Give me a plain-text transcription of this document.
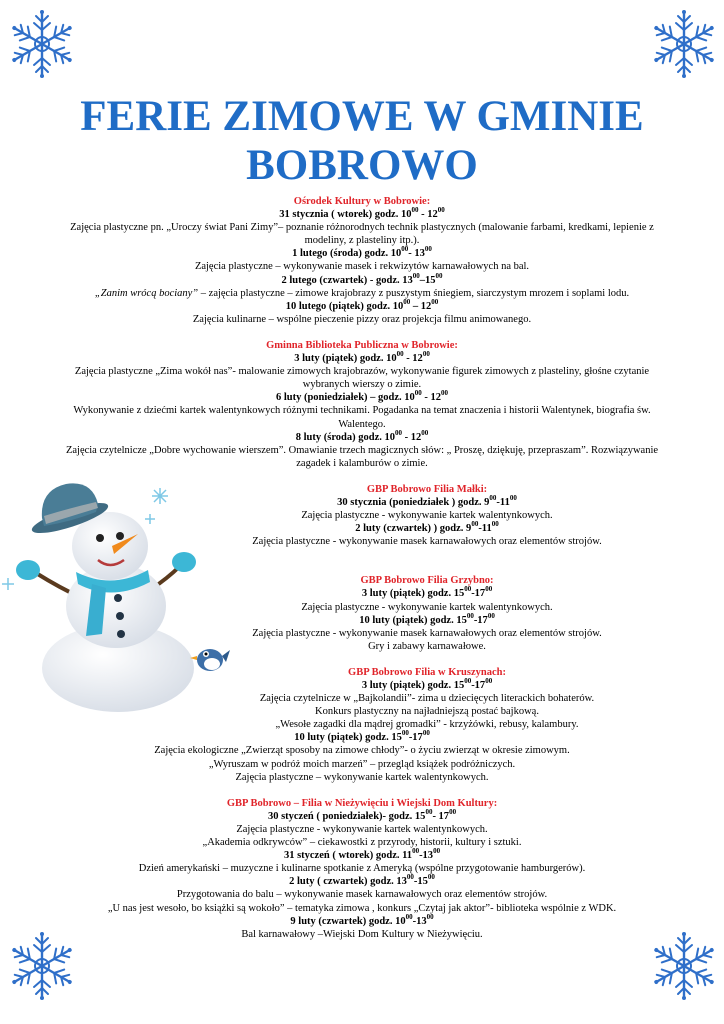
FERIE ZIMOWE W GMINIE BOBROWO
Ośrodek Kultury w Bobrowie:
31 stycznia ( wtorek) godz. $10^{00} - 12^{00}$
Zajęcia plastyczne pn. „Uroczy świat Pani Zimy”– poznanie różnorodnych technik plastycznych (malowanie farbami, kredkami, lepienie z modeliny, z plasteliny itp.).
1 lutego (środa) godz. $10^{00}-$ $13^{00}$
Zajęcia plastyczne – wykonywanie masek i rekwizytów karnawałowych na bal.
2 lutego (czwartek) - godz. $13^{00}-15^{00}$
„Zanim wrócą bociany” – zajęcia plastyczne – zimowe krajobrazy z puszystym śniegiem, siarczystym mrozem i soplami lodu.
10 lutego (piątek) godz. $10^{00} - 12^{00}$
Zajęcia kulinarne – wspólne pieczenie pizzy oraz projekcja filmu animowanego.
Gminna Biblioteka Publiczna w Bobrowie:
3 luty (piątek) godz. $10^{00} - 12^{00}$
Zajęcia plastyczne „Zima wokół nas”- malowanie zimowych krajobrazów, wykonywanie figurek zimowych z plasteliny, głośne czytanie wybranych wierszy o zimie.
6 luty (poniedziałek) – godz. $10^{00} - 12^{00}$
Wykonywanie z dziećmi kartek walentynkowych różnymi technikami. Pogadanka na temat znaczenia i historii Walentynek, biografia św. Walentego.
8 luty (środa) godz. $10^{00} - 12^{00}$
Zajęcia czytelnicze „Dobre wychowanie wierszem”. Omawianie trzech magicznych słów: „ Proszę, dziękuję, przepraszam”. Rozwiązywanie zagadek i kalamburów o zimie.
GBP Bobrowo Filia Małki:
30 stycznia (poniedziałek ) godz. $9^{00}-11^{00}$
Zajęcia plastyczne - wykonywanie kartek walentynkowych.
2 luty (czwartek) ) godz. $9^{00}-11^{00}$
Zajęcia plastyczne - wykonywanie masek karnawałowych oraz elementów strojów.
GBP Bobrowo Filia Grzybno:
3 luty (piątek) godz. $15^{00}-17^{00}$
Zajęcia plastyczne - wykonywanie kartek walentynkowych.
10 luty (piątek) godz. $15^{00}-17^{00}$
Zajęcia plastyczne - wykonywanie masek karnawałowych oraz elementów strojów.
Gry i zabawy karnawałowe.
GBP Bobrowo Filia w Kruszynach:
3 luty (piątek) godz. $15^{00}-17^{00}$
Zajęcia czytelnicze w „Bajkolandii”- zima u dziecięcych literackich bohaterów.
Konkurs plastyczny na najładniejszą postać bajkową.
„Wesołe zagadki dla mądrej gromadki” - krzyżówki, rebusy, kalambury.
10 luty (piątek) godz. $15^{00}-17^{00}$
Zajęcia ekologiczne „Zwierząt sposoby na zimowe chłody”- o życiu zwierząt w okresie zimowym.
„Wyruszam w podróż moich marzeń” – przegląd książek podróżniczych.
Zajęcia plastyczne – wykonywanie kartek walentynkowych.
GBP Bobrowo – Filia w Nieżywięciu i Wiejski Dom Kultury:
30 styczeń ( poniedziałek)- godz. $15^{00}-$ $17^{00}$
Zajęcia plastyczne - wykonywanie kartek walentynkowych.
„Akademia odkrywców” – ciekawostki z przyrody, historii, kultury i sztuki.
31 styczeń ( wtorek) godz. $11^{00}-13^{00}$
Dzień amerykański – muzyczne i kulinarne spotkanie z Ameryką (wspólne przygotowanie hamburgerów).
2 luty ( czwartek) godz. $13^{00}-15^{00}$
Przygotowania do balu – wykonywanie masek karnawałowych oraz elementów strojów.
„U nas jest wesoło, bo książki są wokoło” – tematyka zimowa , konkurs „Czytaj jak aktor”- biblioteka wspólnie z WDK.
9 luty (czwartek) godz. $10^{00}-13^{00}$
Bal karnawałowy –Wiejski Dom Kultury w Nieżywięciu.
